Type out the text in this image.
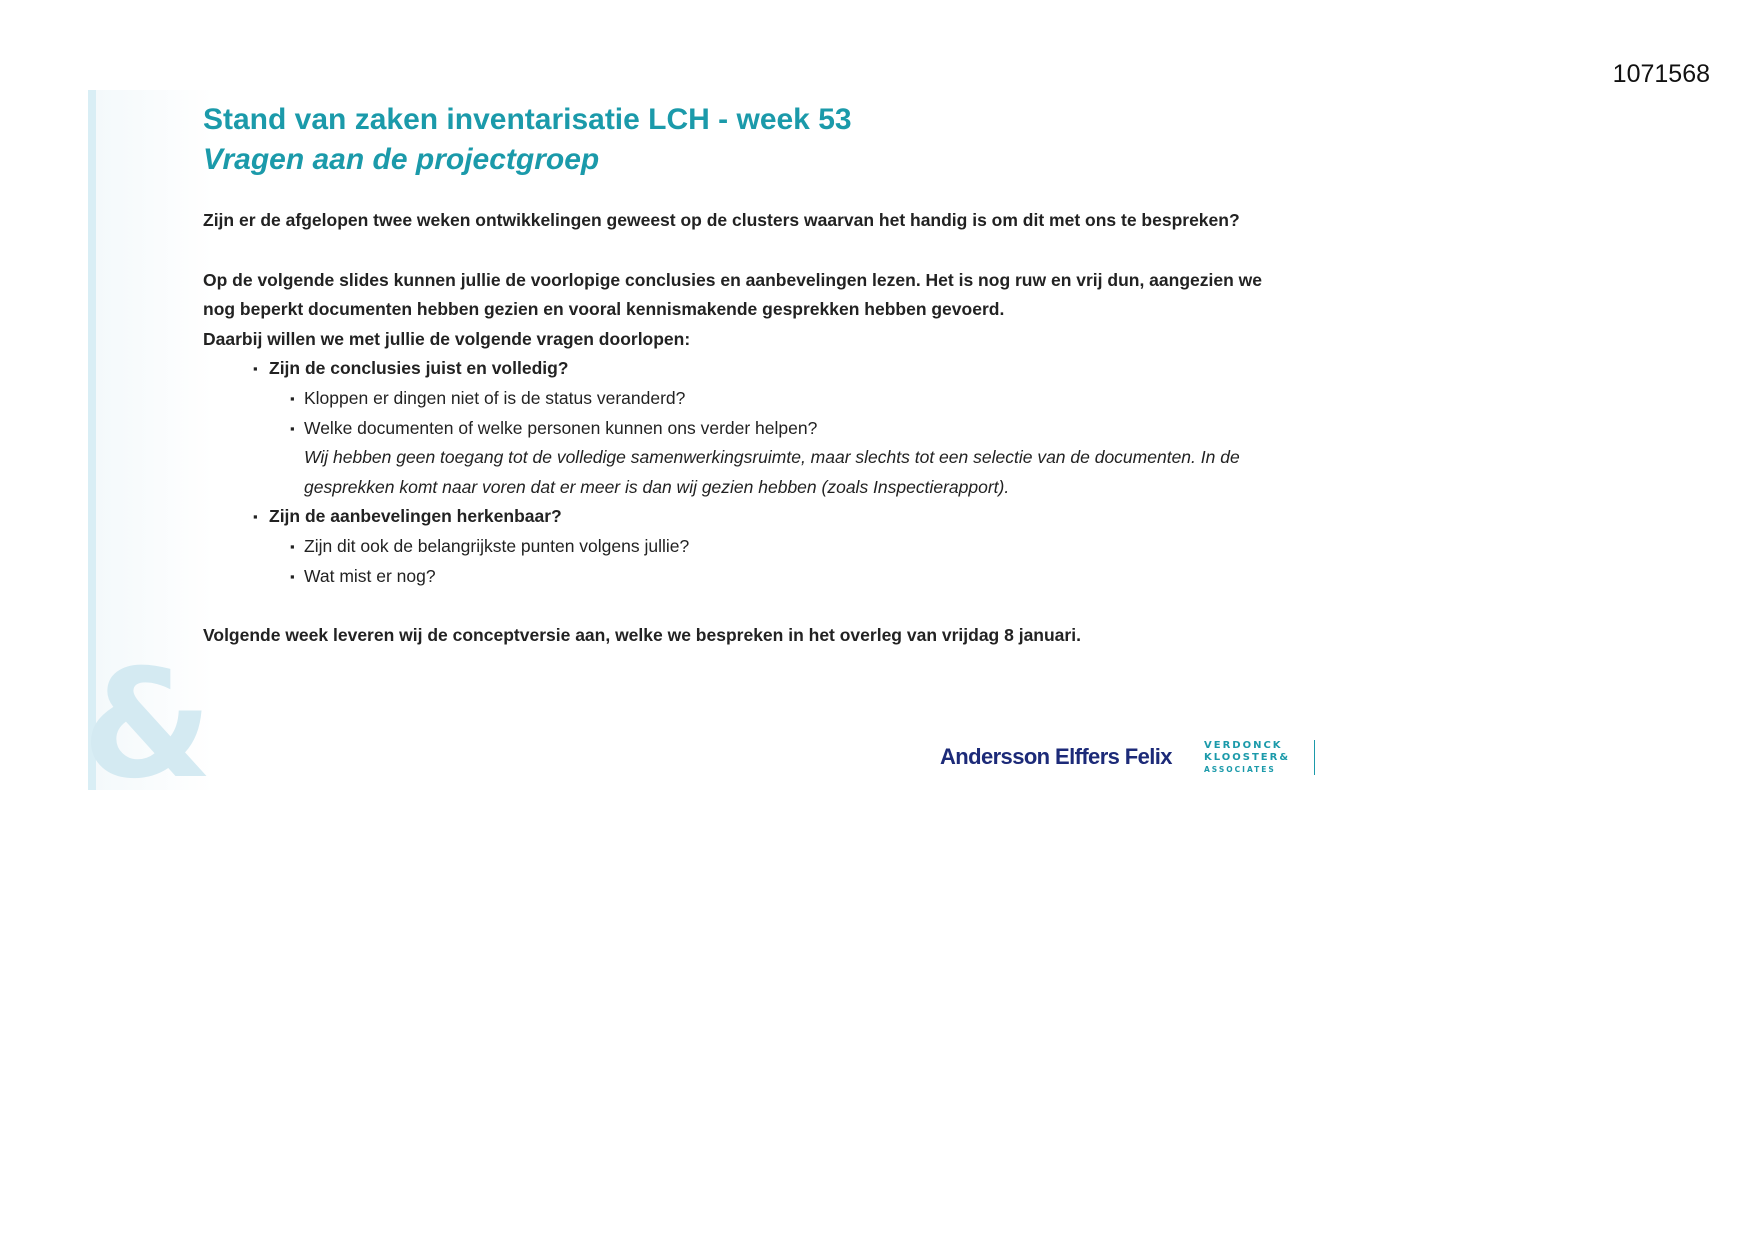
1071568
&
Stand van zaken inventarisatie LCH - week 53
Vragen aan de projectgroep

Zijn er de afgelopen twee weken ontwikkelingen geweest op de clusters waarvan het handig is om dit met ons te bespreken?

Op de volgende slides kunnen jullie de voorlopige conclusies en aanbevelingen lezen. Het is nog ruw en vrij dun, aangezien we nog beperkt documenten hebben gezien en vooral kennismakende gesprekken hebben gevoerd.

Daarbij willen we met jullie de volgende vragen doorlopen:

▪ Zijn de conclusies juist en volledig?
▪ Kloppen er dingen niet of is de status veranderd?
▪ Welke documenten of welke personen kunnen ons verder helpen?
Wij hebben geen toegang tot de volledige samenwerkingsruimte, maar slechts tot een selectie van de documenten. In de gesprekken komt naar voren dat er meer is dan wij gezien hebben (zoals Inspectierapport).
▪ Zijn de aanbevelingen herkenbaar?
▪ Zijn dit ook de belangrijkste punten volgens jullie?
▪ Wat mist er nog?

Volgende week leveren wij de conceptversie aan, welke we bespreken in het overleg van vrijdag 8 januari.

Andersson Elffers Felix	VERDONCK
KLOOSTER&
ASSOCIATES
